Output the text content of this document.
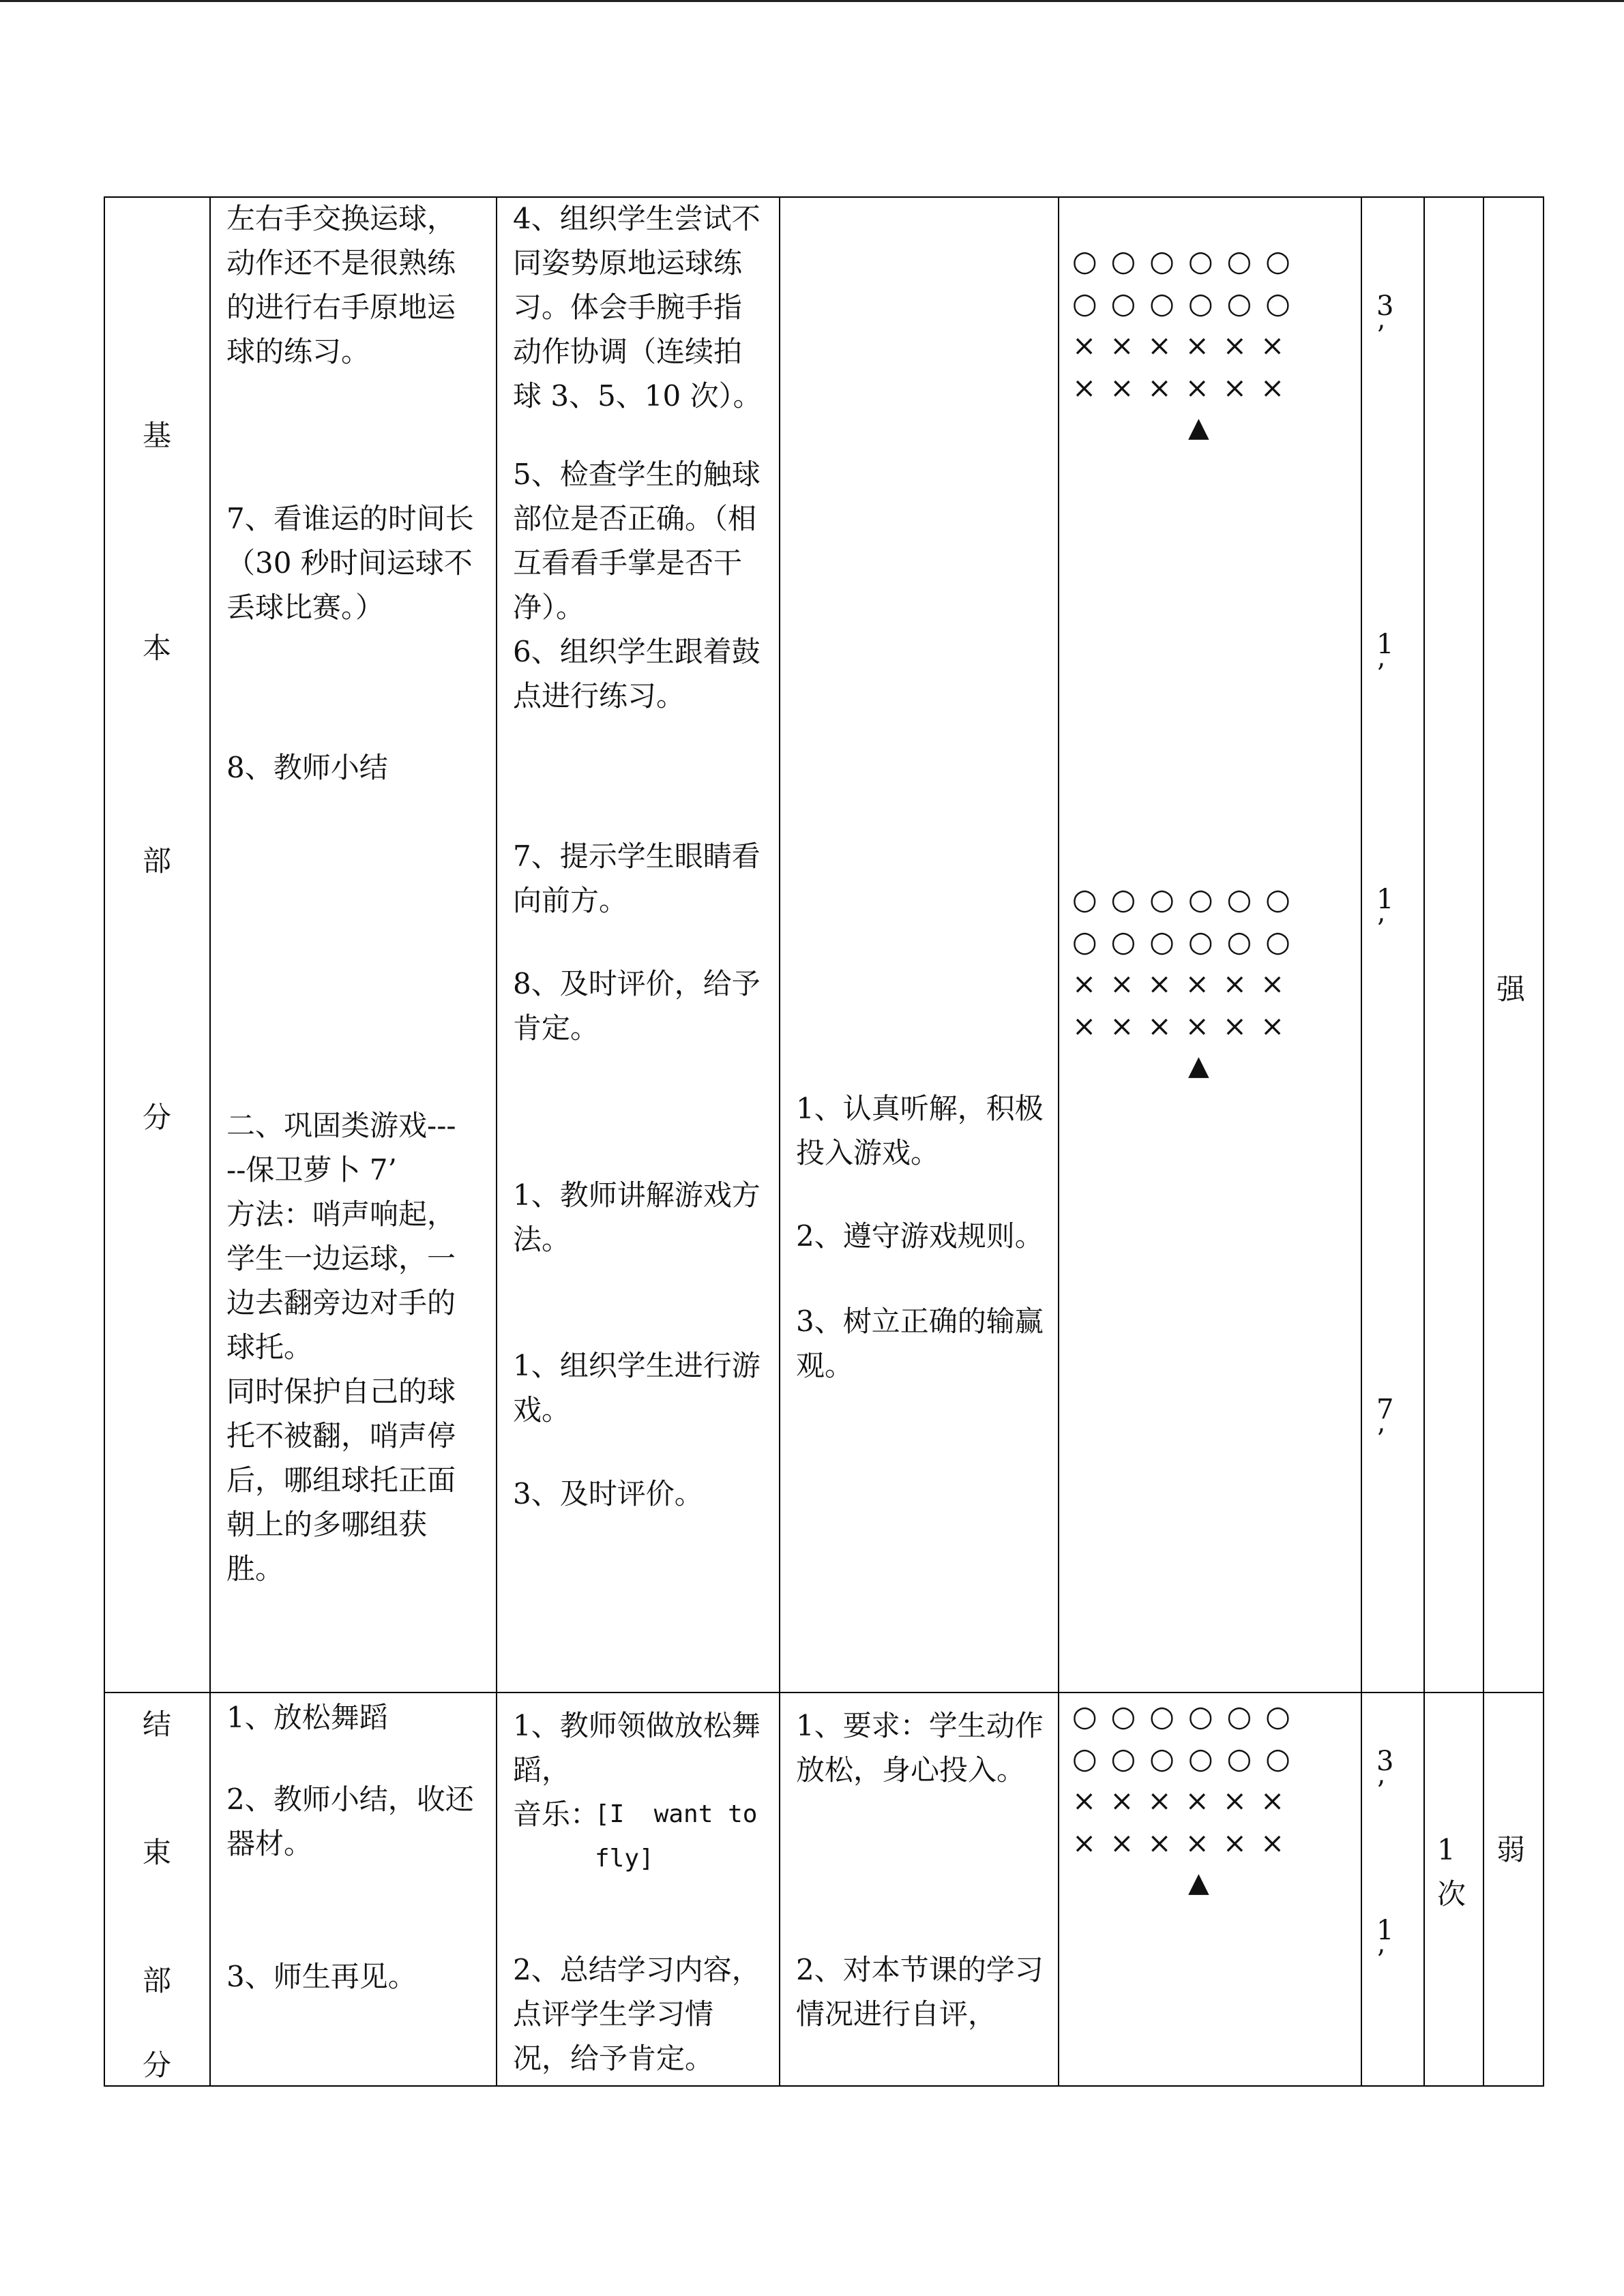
基
本
部
分
左右手交换运球，
动作还不是很熟练
的进行右手原地运
球的练习。
7、看谁运的时间长
（30 秒时间运球不
丢球比赛。）
8、教师小结
二、巩固类游戏---
--保卫萝卜 7’
方法：哨声响起，
学生一边运球，一
边去翻旁边对手的
球托。
同时保护自己的球
托不被翻，哨声停
后，哪组球托正面
朝上的多哪组获
胜。
4、组织学生尝试不
同姿势原地运球练
习。体会手腕手指
动作协调（连续拍
球 3、5、10 次）。
5、检查学生的触球
部位是否正确。（相
互看看手掌是否干
净）。
6、组织学生跟着鼓
点进行练习。
7、提示学生眼睛看
向前方。
8、及时评价，给予
肯定。
1、教师讲解游戏方
法。
1、组织学生进行游
戏。
3、及时评价。
1、认真听解，积极
投入游戏。
2、遵守游戏规则。
3、树立正确的输赢
观。
○○○○○○
○○○○○○
××××××
××××××
▲
○○○○○○
○○○○○○
××××××
××××××
▲
3
’
1
’
1
’
7
’
强
结
束
部
分
1、放松舞蹈
2、教师小结，收还
器材。
3、师生再见。
1、教师领做放松舞
蹈，
音乐：
[I  want to
fly]
2、总结学习内容，
点评学生学习情
况，给予肯定。
1、要求：学生动作
放松，身心投入。
2、对本节课的学习
情况进行自评，
○○○○○○
○○○○○○
××××××
××××××
▲
3
’
1
’
1
次
弱
